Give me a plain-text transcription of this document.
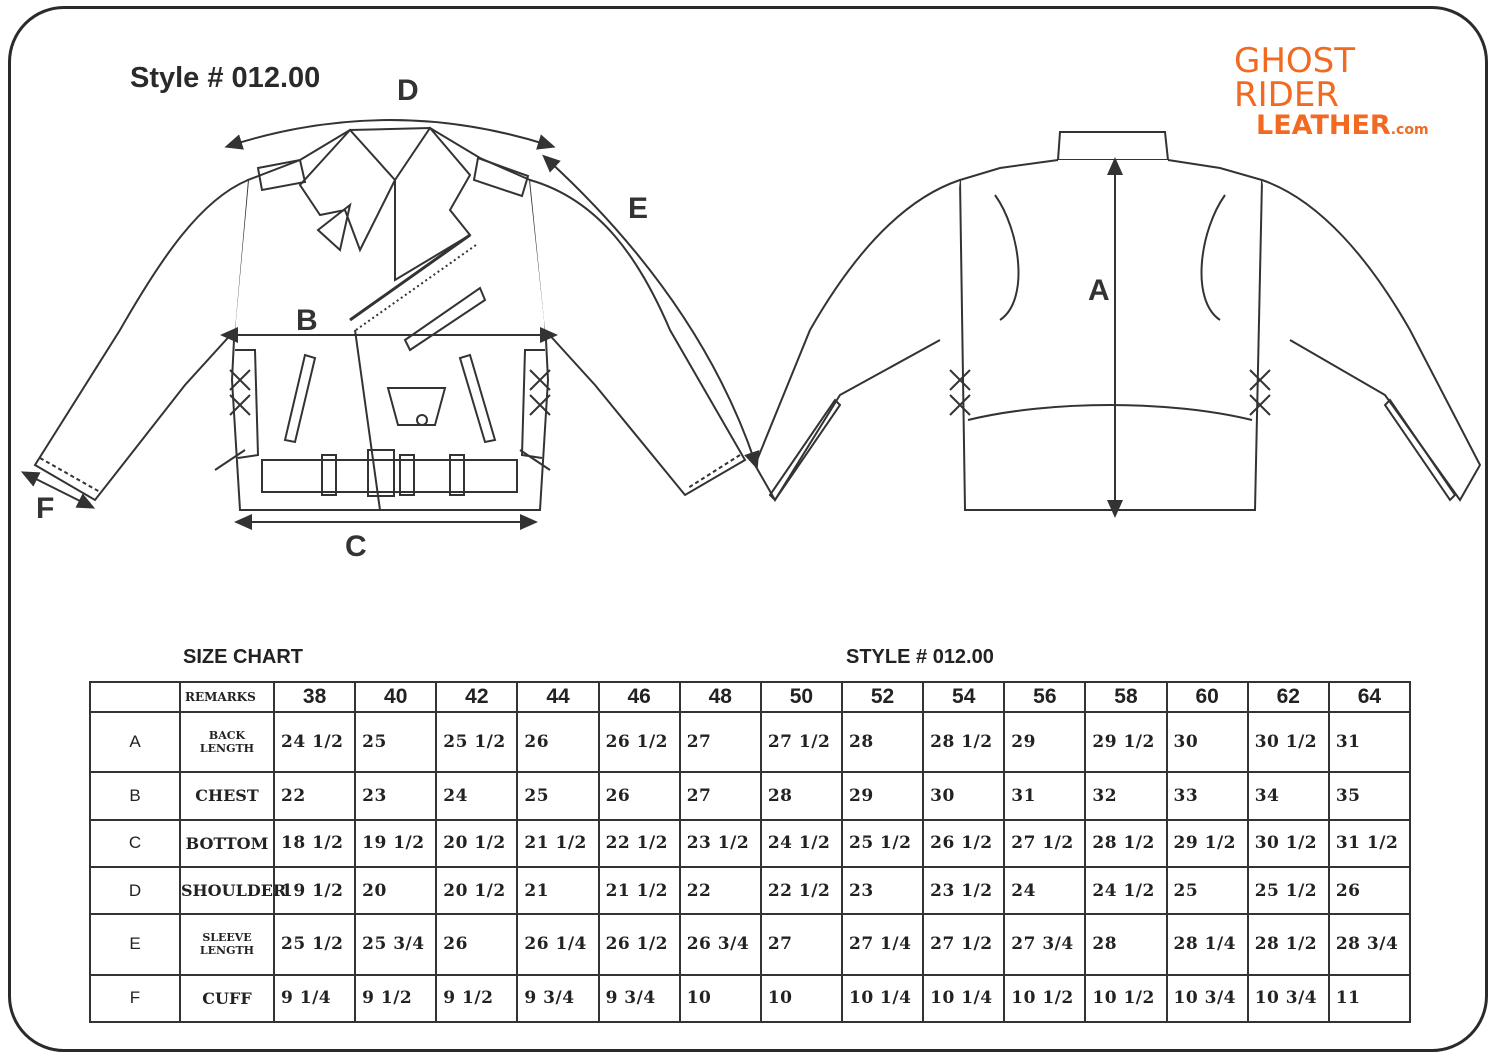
Style # 012.00	GHOST RIDER
LEATHER.com
D
E
B
C
F
A
SIZE CHART	STYLE # 012.00
	REMARKS	38	40	42	44	46	48	50	52	54	56	58	60	62	64
A	BACK LENGTH	24 1/2	25	25 1/2	26	26 1/2	27	27 1/2	28	28 1/2	29	29 1/2	30	30 1/2	31
B	CHEST	22	23	24	25	26	27	28	29	30	31	32	33	34	35
C	BOTTOM	18 1/2	19 1/2	20 1/2	21 1/2	22 1/2	23 1/2	24 1/2	25 1/2	26 1/2	27 1/2	28 1/2	29 1/2	30 1/2	31 1/2
D	SHOULDER	19 1/2	20	20 1/2	21	21 1/2	22	22 1/2	23	23 1/2	24	24 1/2	25	25 1/2	26
E	SLEEVE LENGTH	25 1/2	25 3/4	26	26 1/4	26 1/2	26 3/4	27	27 1/4	27 1/2	27 3/4	28	28 1/4	28 1/2	28 3/4
F	CUFF	9 1/4	9 1/2	9 1/2	9 3/4	9 3/4	10	10	10 1/4	10 1/4	10 1/2	10 1/2	10 3/4	10 3/4	11
